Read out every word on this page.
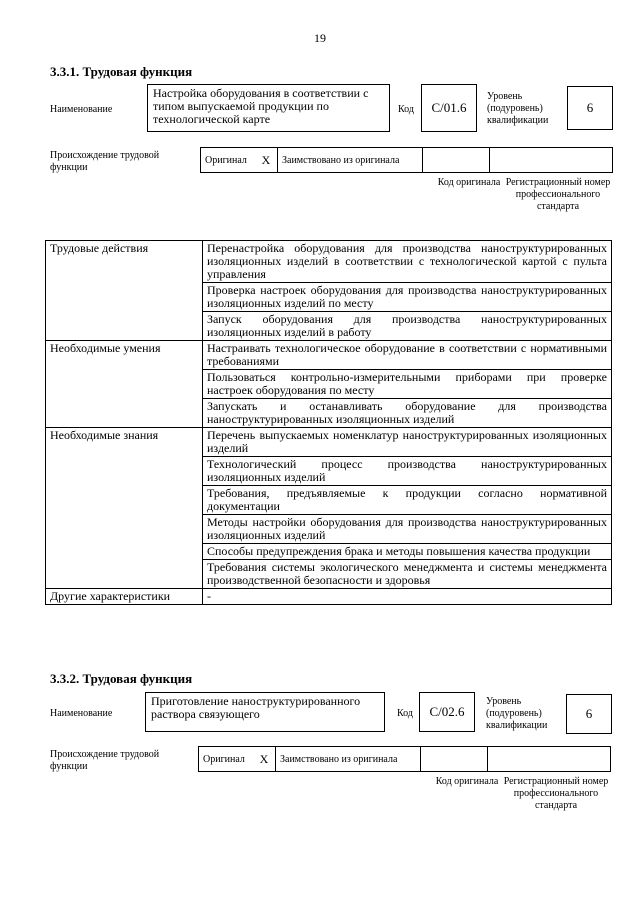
19
3.3.1. Трудовая функция
Наименование
Настройка оборудования в соответствии с типом выпускаемой продукции по технологической карте
Код C/01.6
Уровень (подуровень) квалификации
6
Происхождение трудовой функции
Оригинал	X	Заимствовано из оригинала		
Код оригинала Регистрационный номер профессионального стандарта
Трудовые действия	Перенастройка оборудования для производства наноструктурированных изоляционных изделий в соответствии с технологической картой с пульта управления
	Проверка настроек оборудования для производства наноструктурированных изоляционных изделий по месту
	Запуск оборудования для производства наноструктурированных изоляционных изделий в работу
Необходимые умения	Настраивать технологическое оборудование в соответствии с нормативными требованиями
	Пользоваться контрольно-измерительными приборами при проверке настроек оборудования по месту
	Запускать и останавливать оборудование для производства наноструктурированных изоляционных изделий
Необходимые знания	Перечень выпускаемых номенклатур наноструктурированных изоляционных изделий
	Технологический процесс производства наноструктурированных изоляционных изделий
	Требования, предъявляемые к продукции согласно нормативной документации
	Методы настройки оборудования для производства наноструктурированных изоляционных изделий
	Способы предупреждения брака и методы повышения качества продукции
	Требования системы экологического менеджмента и системы менеджмента производственной безопасности и здоровья
Другие характеристики	-
3.3.2. Трудовая функция
Наименование
Приготовление наноструктурированного раствора связующего	Код C/02.6
Уровень (подуровень) квалификации
6
Происхождение трудовой функции
Оригинал	X	Заимствовано из оригинала		
Код оригинала Регистрационный номер профессионального стандарта
